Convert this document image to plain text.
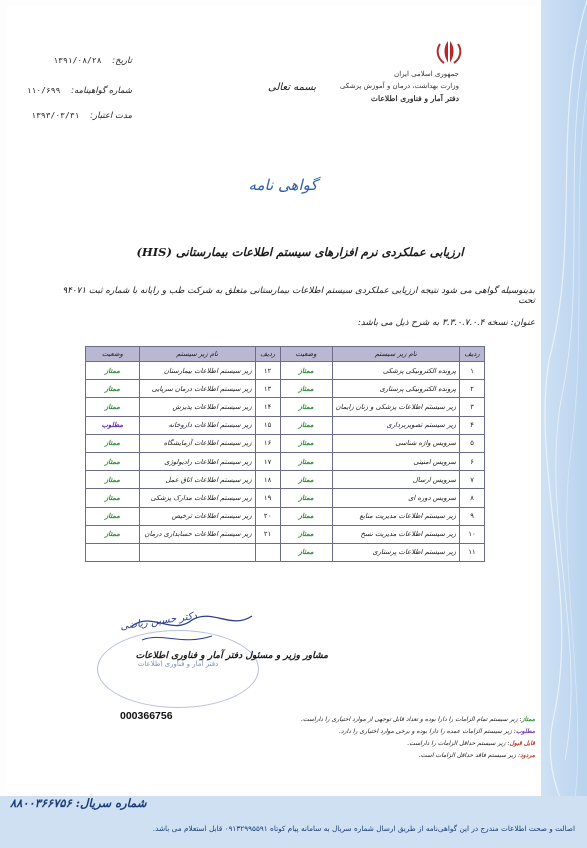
جمهوری اسلامی ایران
وزارت بهداشت، درمان و آموزش پزشکی
دفتر آمار و فناوری اطلاعات
تاریخ: ۱۳۹۱/۰۸/۲۸
شماره گواهینامه: ۱۱۰/۶۹۹
مدت اعتبار: ۱۳۹۳/۰۳/۳۱
بسمه تعالی
گواهی نامه
ارزیابی عملکردی نرم افزارهای سیستم اطلاعات بیمارستانی (HIS)
بدینوسیله گواهی می شود نتیجه ارزیابی عملکردی سیستم اطلاعات بیمارستانی متعلق به شرکت طب و رایانه با شماره ثبت ۹۴۰۷۱ تحت
عنوان: نسخه ۳.۳.۰.۷.۰.۴ به شرح ذیل می باشد:
ردیف	نام زیر سیستم	وضعیت	ردیف	نام زیر سیستم	وضعیت
۱	پرونده الکترونیکی پزشکی	ممتاز	۱۲	زیر سیستم اطلاعات بیمارستان	ممتاز
۲	پرونده الکترونیکی پرستاری	ممتاز	۱۳	زیر سیستم اطلاعات درمان سرپایی	ممتاز
۳	زیر سیستم اطلاعات پزشکی و زنان زایمان	ممتاز	۱۴	زیر سیستم اطلاعات پذیرش	ممتاز
۴	زیر سیستم تصویربرداری	ممتاز	۱۵	زیر سیستم اطلاعات داروخانه	مطلوب
۵	سرویس واژه شناسی	ممتاز	۱۶	زیر سیستم اطلاعات آزمایشگاه	ممتاز
۶	سرویس امنیتی	ممتاز	۱۷	زیر سیستم اطلاعات رادیولوژی	ممتاز
۷	سرویس ارسال	ممتاز	۱۸	زیر سیستم اطلاعات اتاق عمل	ممتاز
۸	سرویس دوره ای	ممتاز	۱۹	زیر سیستم اطلاعات مدارک پزشکی	ممتاز
۹	زیر سیستم اطلاعات مدیریت منابع	ممتاز	۲۰	زیر سیستم اطلاعات ترخیص	ممتاز
۱۰	زیر سیستم اطلاعات مدیریت نسخ	ممتاز	۲۱	زیر سیستم اطلاعات حسابداری درمان	ممتاز
۱۱	زیر سیستم اطلاعات پرستاری	ممتاز			
دفتر آمار و فناوری اطلاعات
دکتر حسین ریاضی
مشاور وزیر و مسئول دفتر آمار و فناوری اطلاعات
000366756	ممتاز: زیر سیستم تمام الزامات را دارا بوده و تعداد قابل توجهی از موارد اختیاری را داراست.
مطلوب: زیر سیستم الزامات عمده را دارا بوده و برخی موارد اختیاری را دارد.
قابل قبول: زیر سیستم حداقل الزامات را داراست.
مردود: زیر سیستم فاقد حداقل الزامات است.
شماره سریال: ۸۸۰۰۳۶۶۷۵۶
اصالت و صحت اطلاعات مندرج در این گواهی‌نامه از طریق ارسال شماره سریال به سامانه پیام کوتاه ۰۹۱۳۲۹۹۵۵۹۱ قابل استعلام می باشد.
